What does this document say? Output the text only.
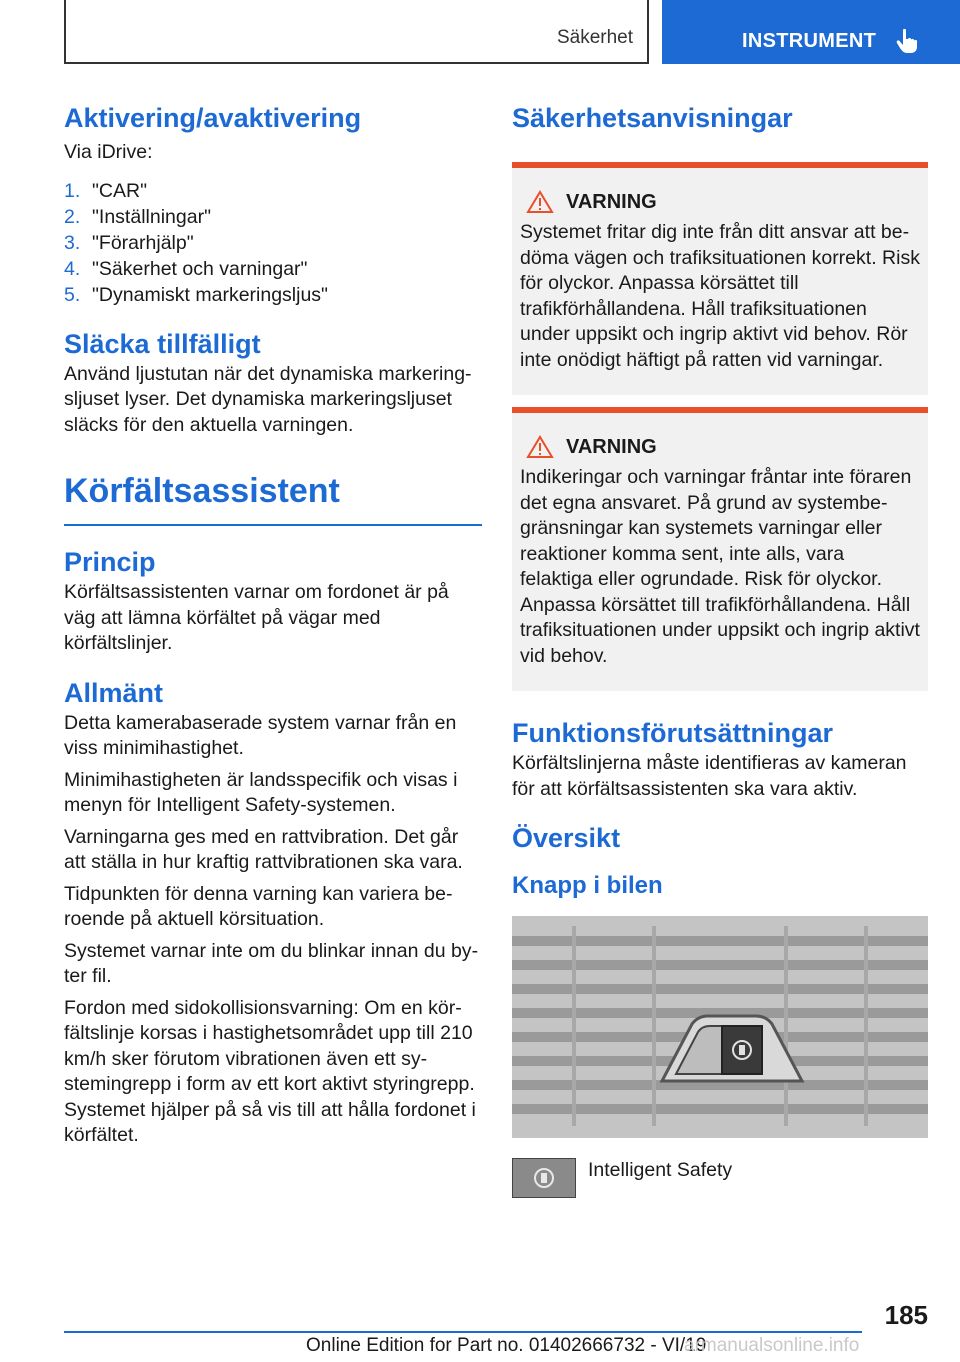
Säkerhet	INSTRUMENT
Aktivering/avaktivering

Via iDrive:

1. "CAR"
2. "Inställningar"
3. "Förarhjälp"
4. "Säkerhet och varningar"
5. "Dynamiskt markeringsljus"
Släcka tillfälligt

Använd ljustutan när det dynamiska markeringsljuset lyser. Det dynamiska markeringsljuset släcks för den aktuella varningen.

Körfältsassistent
Princip

Körfältsassistenten varnar om fordonet är på väg att lämna körfältet på vägar med körfältslinjer.

Allmänt

Detta kamerabaserade system varnar från en viss minimihastighet.

Minimihastigheten är landsspecifik och visas i menyn för Intelligent Safety-systemen.

Varningarna ges med en rattvibration. Det går att ställa in hur kraftig rattvibrationen ska vara.

Tidpunkten för denna varning kan variera beroende på aktuell körsituation.

Systemet varnar inte om du blinkar innan du byter fil.

Fordon med sidokollisionsvarning: Om en körfältslinje korsas i hastighetsområdet upp till 210 km/h sker förutom vibrationen även ett systemingrepp i form av ett kort aktivt styringrepp. Systemet hjälper på så vis till att hålla fordonet i körfältet.

Säkerhetsanvisningar
VARNING

Systemet fritar dig inte från ditt ansvar att bedöma vägen och trafiksituationen korrekt. Risk för olyckor. Anpassa körsättet till trafikförhållandena. Håll trafiksituationen under uppsikt och ingrip aktivt vid behov. Rör inte onödigt häftigt på ratten vid varningar.

VARNING

Indikeringar och varningar fråntar inte föraren det egna ansvaret. På grund av systembegränsningar kan systemets varningar eller reaktioner komma sent, inte alls, vara felaktiga eller ogrundade. Risk för olyckor. Anpassa körsättet till trafikförhållandena. Håll trafiksituationen under uppsikt och ingrip aktivt vid behov.

Funktionsförutsättningar

Körfältslinjerna måste identifieras av kameran för att körfältsassistenten ska vara aktiv.

Översikt
Knapp i bilen

Intelligent Safety

185
Online Edition for Part no. 01402666732 - VI/19
armanualsonline.info
